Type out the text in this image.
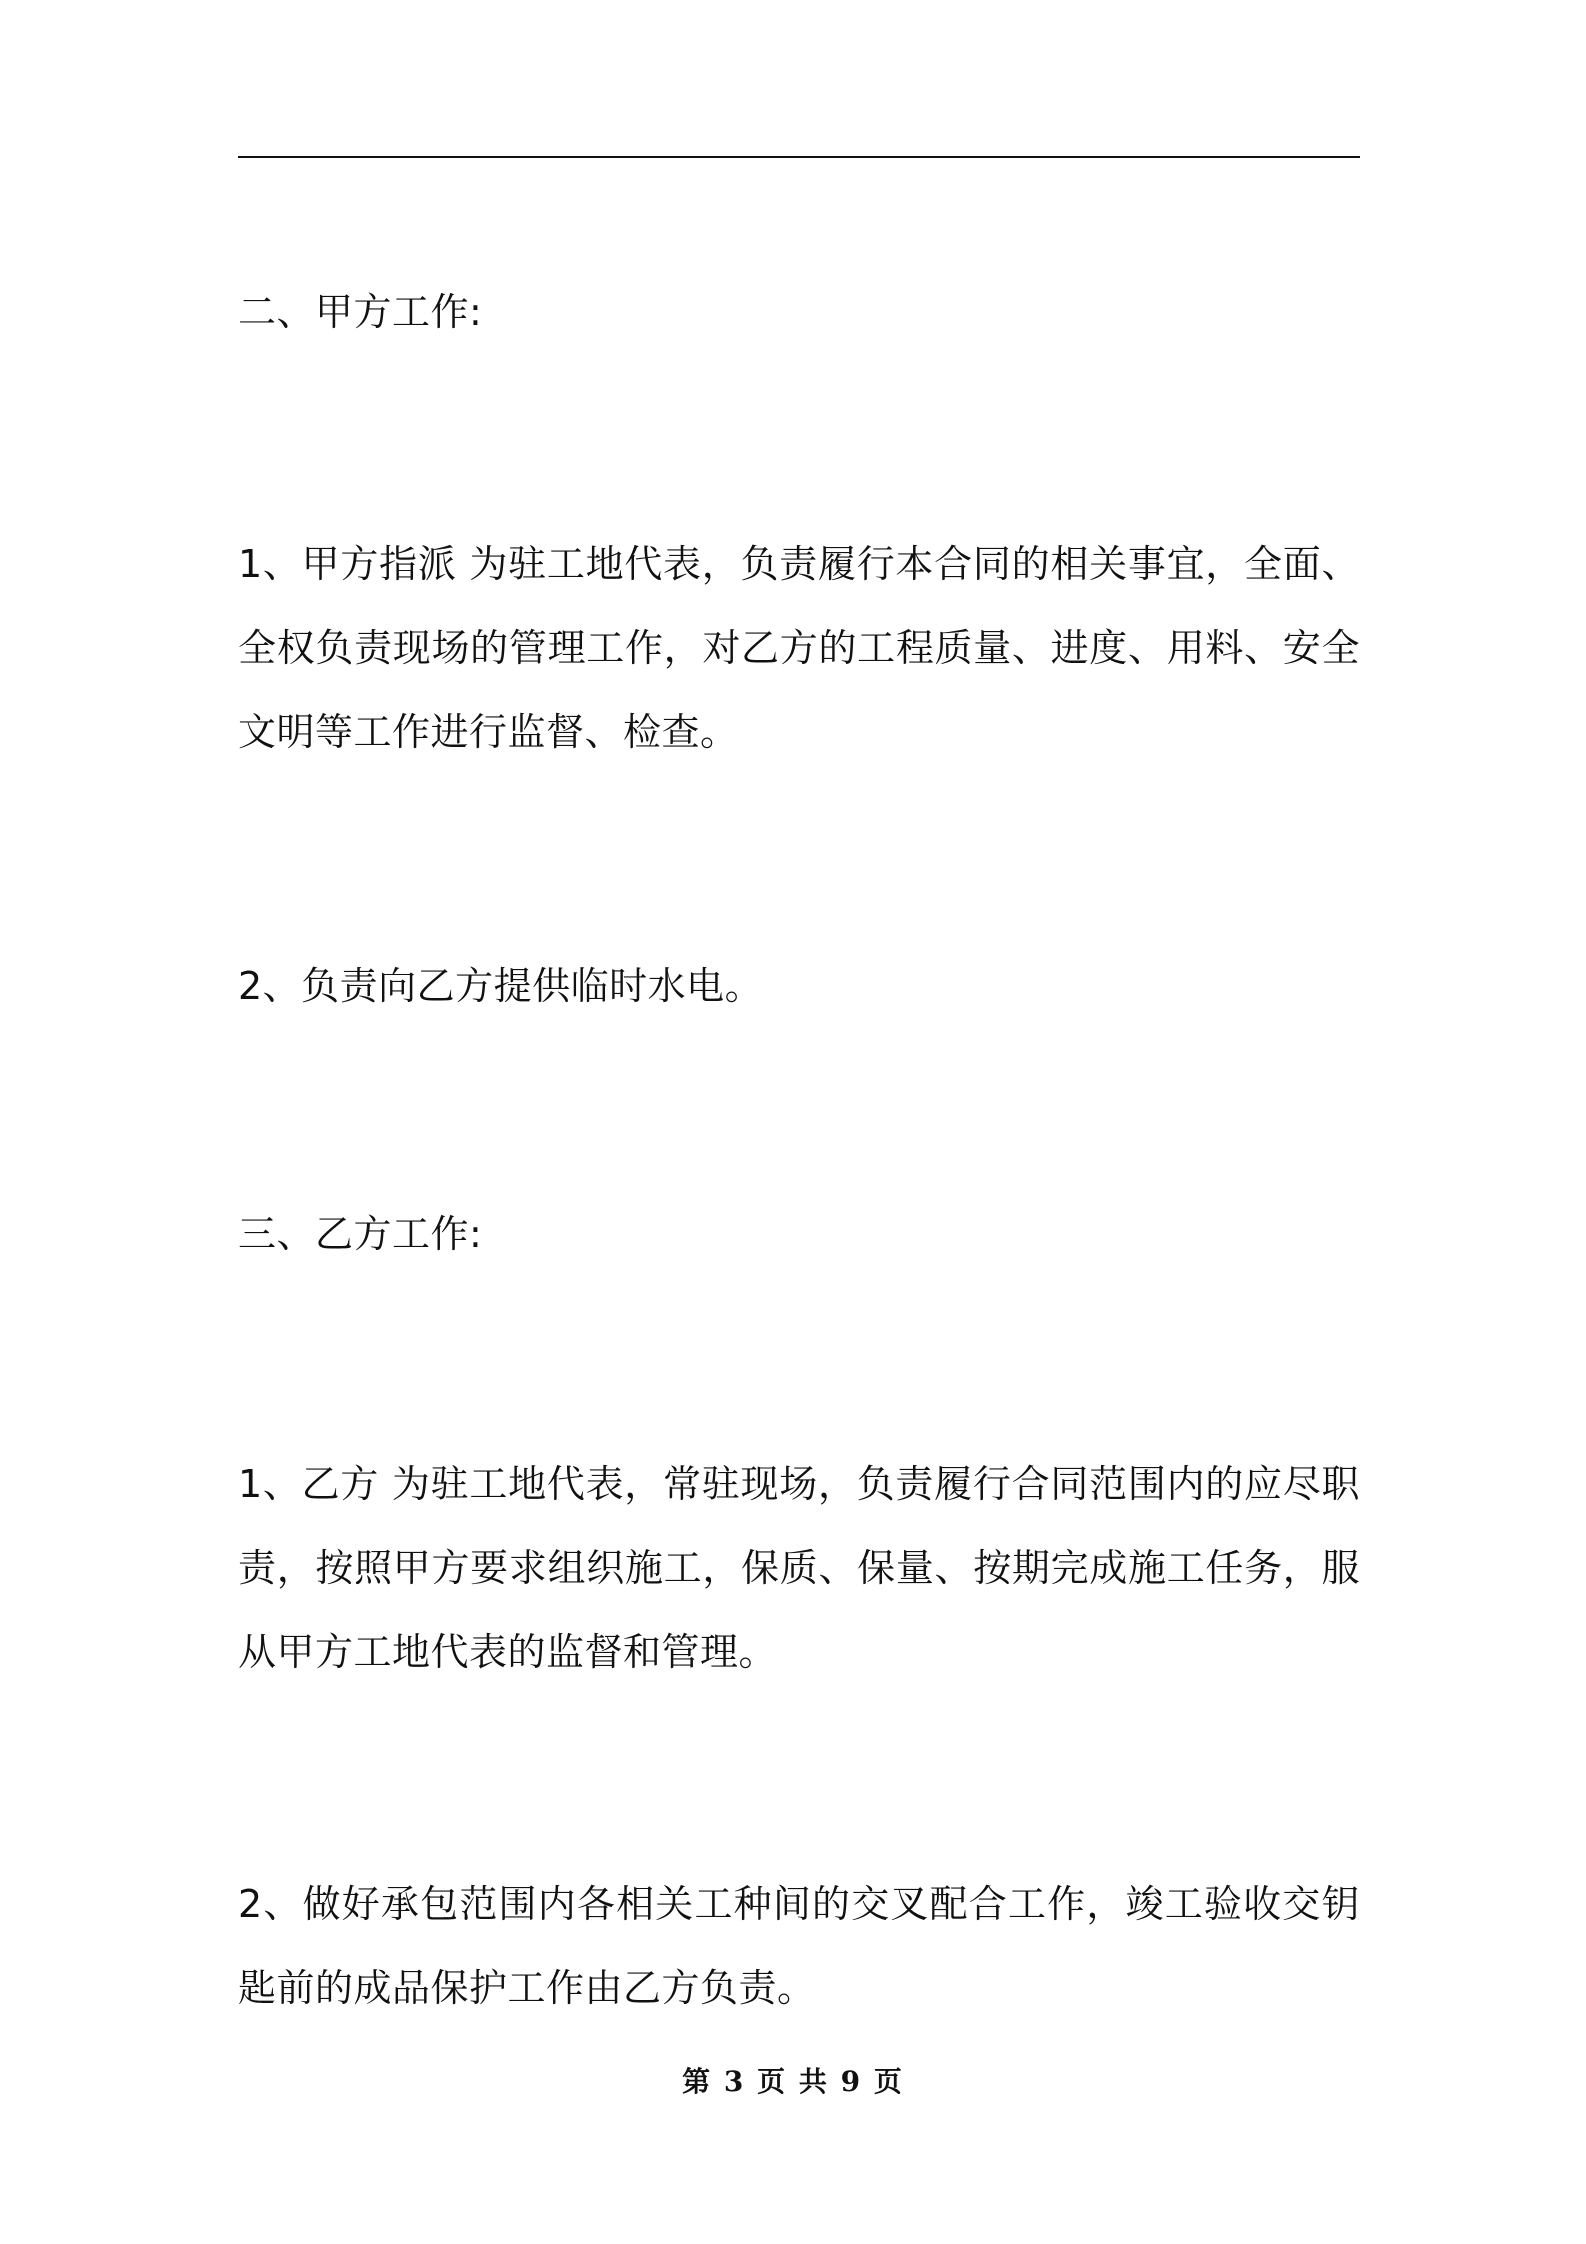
二、甲方工作:

1、甲方指派 为驻工地代表，负责履行本合同的相关事宜，全面、全权负责现场的管理工作，对乙方的工程质量、进度、用料、安全文明等工作进行监督、检查。

2、负责向乙方提供临时水电。

三、乙方工作:

1、乙方 为驻工地代表，常驻现场，负责履行合同范围内的应尽职责，按照甲方要求组织施工，保质、保量、按期完成施工任务，服从甲方工地代表的监督和管理。

2、做好承包范围内各相关工种间的交叉配合工作，竣工验收交钥匙前的成品保护工作由乙方负责。

第 3 页 共 9 页
